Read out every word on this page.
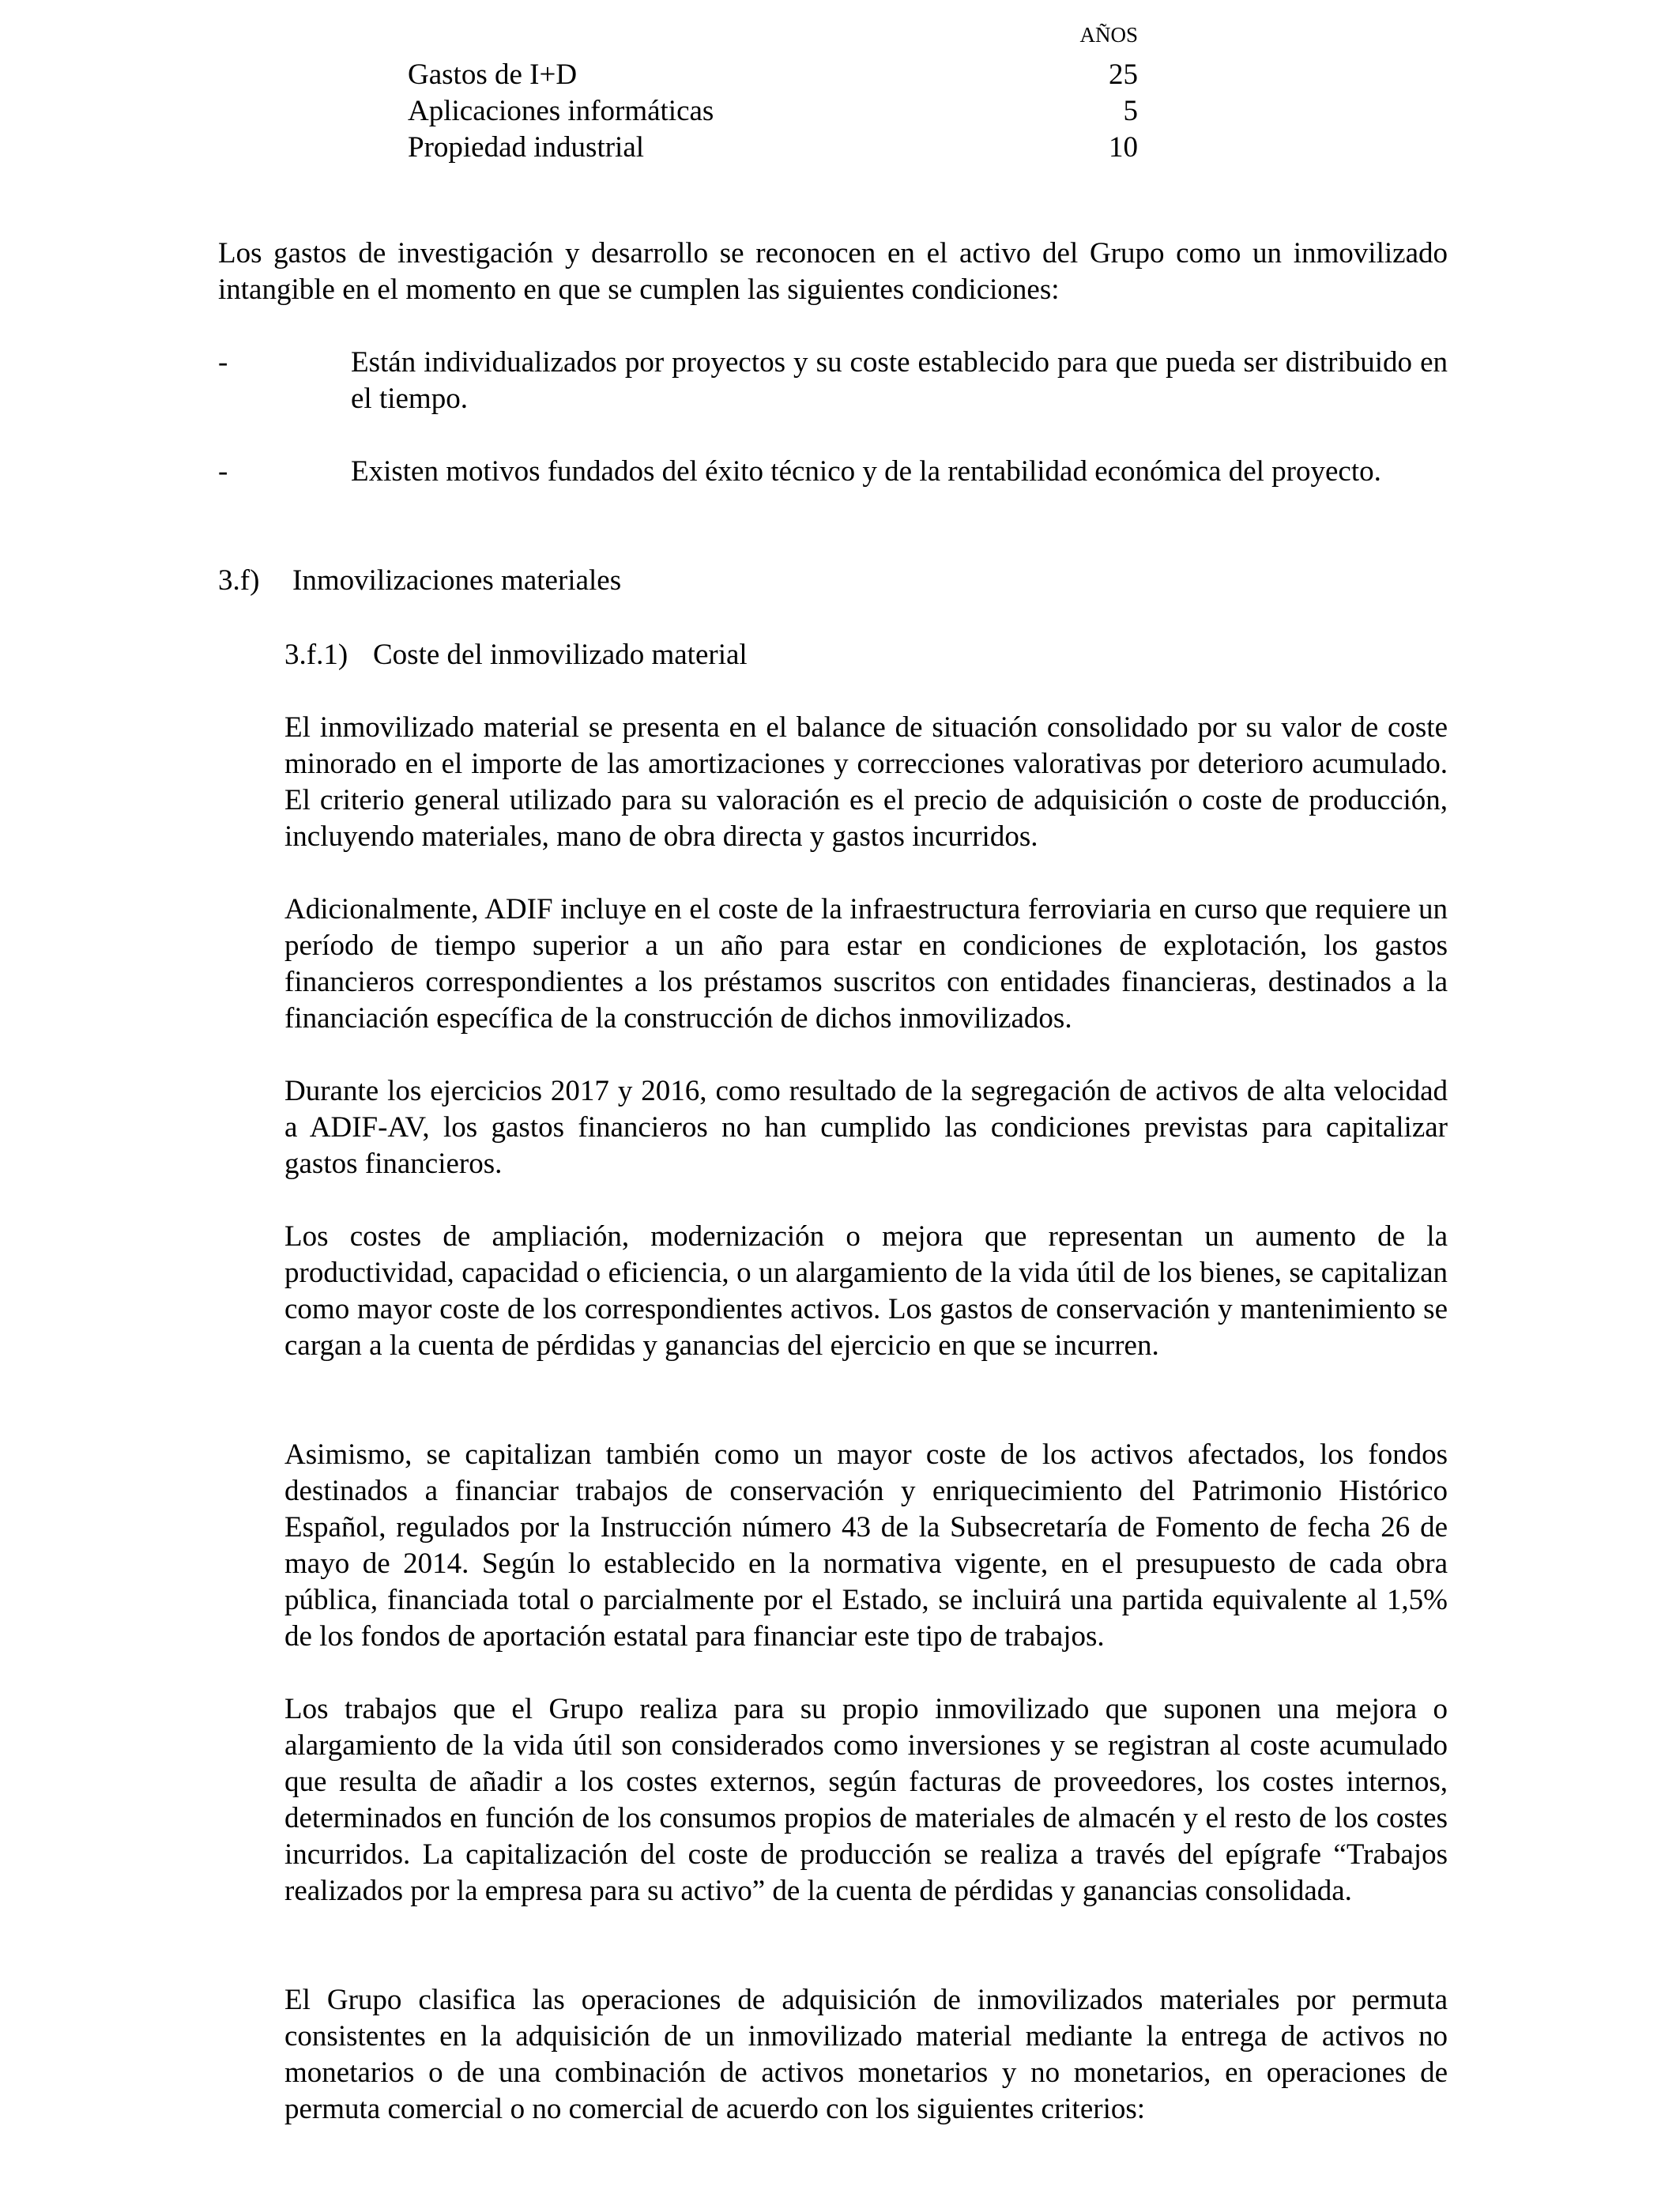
AÑOS
Gastos de I+D	25
Aplicaciones informáticas	5
Propiedad industrial	10

Los gastos de investigación y desarrollo se reconocen en el activo del Grupo como un inmovilizado intangible en el momento en que se cumplen las siguientes condiciones:

-	Están individualizados por proyectos y su coste establecido para que pueda ser distribuido en el tiempo.

-	Existen motivos fundados del éxito técnico y de la rentabilidad económica del proyecto.

3.f) Inmovilizaciones materiales
3.f.1) Coste del inmovilizado material

El inmovilizado material se presenta en el balance de situación consolidado por su valor de coste minorado en el importe de las amortizaciones y correcciones valorativas por deterioro acumulado. El criterio general utilizado para su valoración es el precio de adquisición o coste de producción, incluyendo materiales, mano de obra directa y gastos incurridos.

Adicionalmente, ADIF incluye en el coste de la infraestructura ferroviaria en curso que requiere un período de tiempo superior a un año para estar en condiciones de explotación, los gastos financieros correspondientes a los préstamos suscritos con entidades financieras, destinados a la financiación específica de la construcción de dichos inmovilizados.

Durante los ejercicios 2017 y 2016, como resultado de la segregación de activos de alta velocidad a ADIF-AV, los gastos financieros no han cumplido las condiciones previstas para capitalizar gastos financieros.

Los costes de ampliación, modernización o mejora que representan un aumento de la productividad, capacidad o eficiencia, o un alargamiento de la vida útil de los bienes, se capitalizan como mayor coste de los correspondientes activos. Los gastos de conservación y mantenimiento se cargan a la cuenta de pérdidas y ganancias del ejercicio en que se incurren.

Asimismo, se capitalizan también como un mayor coste de los activos afectados, los fondos destinados a financiar trabajos de conservación y enriquecimiento del Patrimonio Histórico Español, regulados por la Instrucción número 43 de la Subsecretaría de Fomento de fecha 26 de mayo de 2014. Según lo establecido en la normativa vigente, en el presupuesto de cada obra pública, financiada total o parcialmente por el Estado, se incluirá una partida equivalente al 1,5% de los fondos de aportación estatal para financiar este tipo de trabajos.

Los trabajos que el Grupo realiza para su propio inmovilizado que suponen una mejora o alargamiento de la vida útil son considerados como inversiones y se registran al coste acumulado que resulta de añadir a los costes externos, según facturas de proveedores, los costes internos, determinados en función de los consumos propios de materiales de almacén y el resto de los costes incurridos. La capitalización del coste de producción se realiza a través del epígrafe “Trabajos realizados por la empresa para su activo” de la cuenta de pérdidas y ganancias consolidada.

El Grupo clasifica las operaciones de adquisición de inmovilizados materiales por permuta consistentes en la adquisición de un inmovilizado material mediante la entrega de activos no monetarios o de una combinación de activos monetarios y no monetarios, en operaciones de permuta comercial o no comercial de acuerdo con los siguientes criterios:
